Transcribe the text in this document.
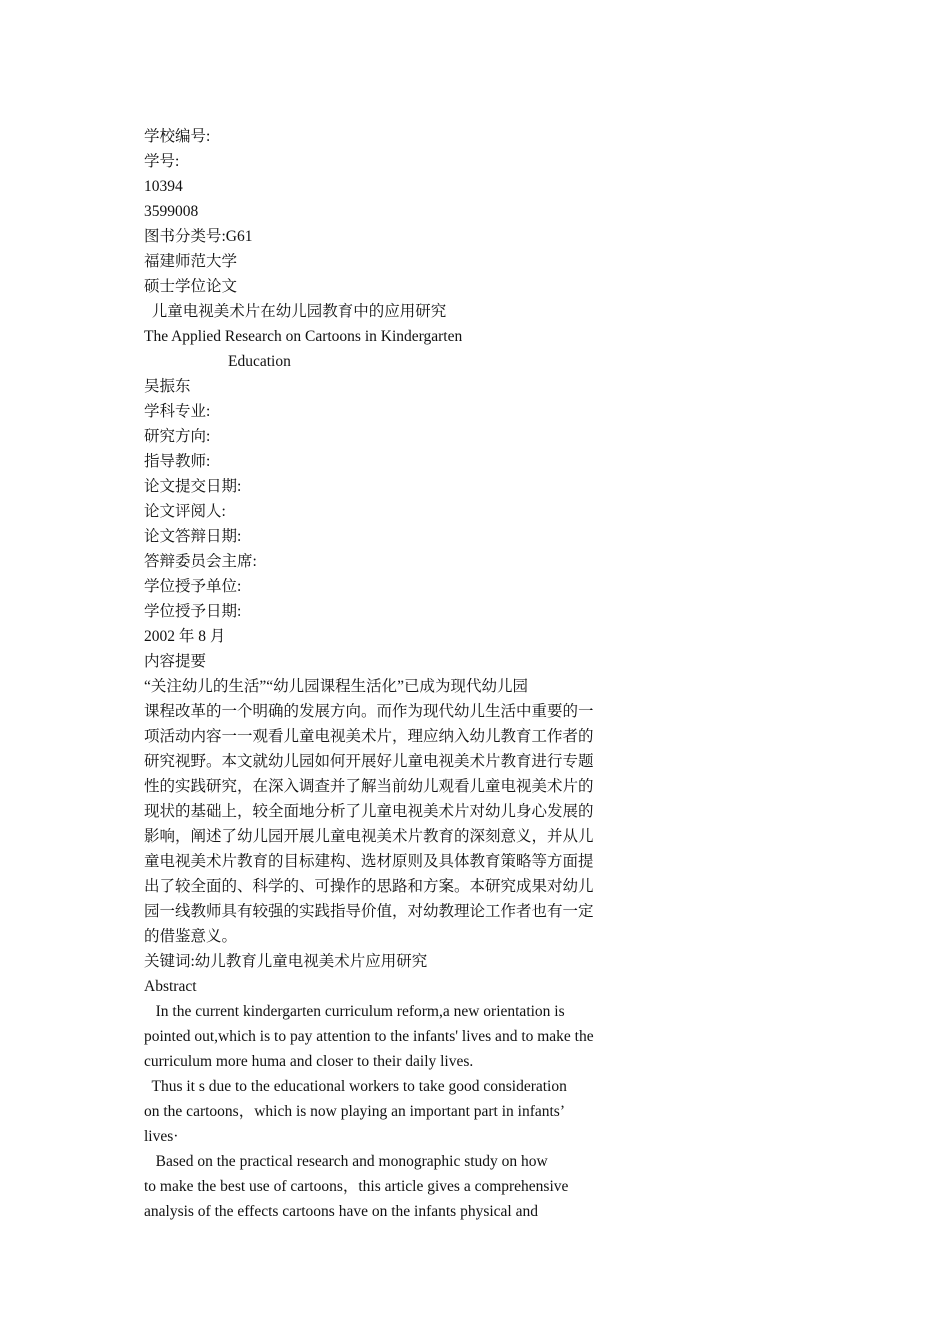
学校编号:
学号:
10394
3599008
图书分类号:G61
福建师范大学
硕士学位论文
儿童电视美术片在幼儿园教育中的应用研究
The Applied Research on Cartoons in Kindergarten
Education
吴振东
学科专业:
研究方向:
指导教师:
论文提交日期:
论文评阅人:
论文答辩日期:
答辩委员会主席:
学位授予单位:
学位授予日期:
2002 年 8 月
内容提要
“关注幼儿的生活”“幼儿园课程生活化”已成为现代幼儿园
课程改革的一个明确的发展方向。而作为现代幼儿生活中重要的一
项活动内容一一观看儿童电视美术片，理应纳入幼儿教育工作者的
研究视野。本文就幼儿园如何开展好儿童电视美术片教育进行专题
性的实践研究，在深入调查并了解当前幼儿观看儿童电视美术片的
现状的基础上，较全面地分析了儿童电视美术片对幼儿身心发展的
影响，阐述了幼儿园开展儿童电视美术片教育的深刻意义，并从儿
童电视美术片教育的目标建构、选材原则及具体教育策略等方面提
出了较全面的、科学的、可操作的思路和方案。本研究成果对幼儿
园一线教师具有较强的实践指导价值，对幼教理论工作者也有一定
的借鉴意义。
关键词:幼儿教育儿童电视美术片应用研究
Abstract
In the current kindergarten curriculum reform,a new orientation is
pointed out,which is to pay attention to the infants' lives and to make the
curriculum more huma and closer to their daily lives.
Thus it s due to the educational workers to take good consideration
on the cartoons，which is now playing an important part in infants’
lives·
Based on the practical research and monographic study on how
to make the best use of cartoons，this article gives a comprehensive
analysis of the effects cartoons have on the infants physical and
